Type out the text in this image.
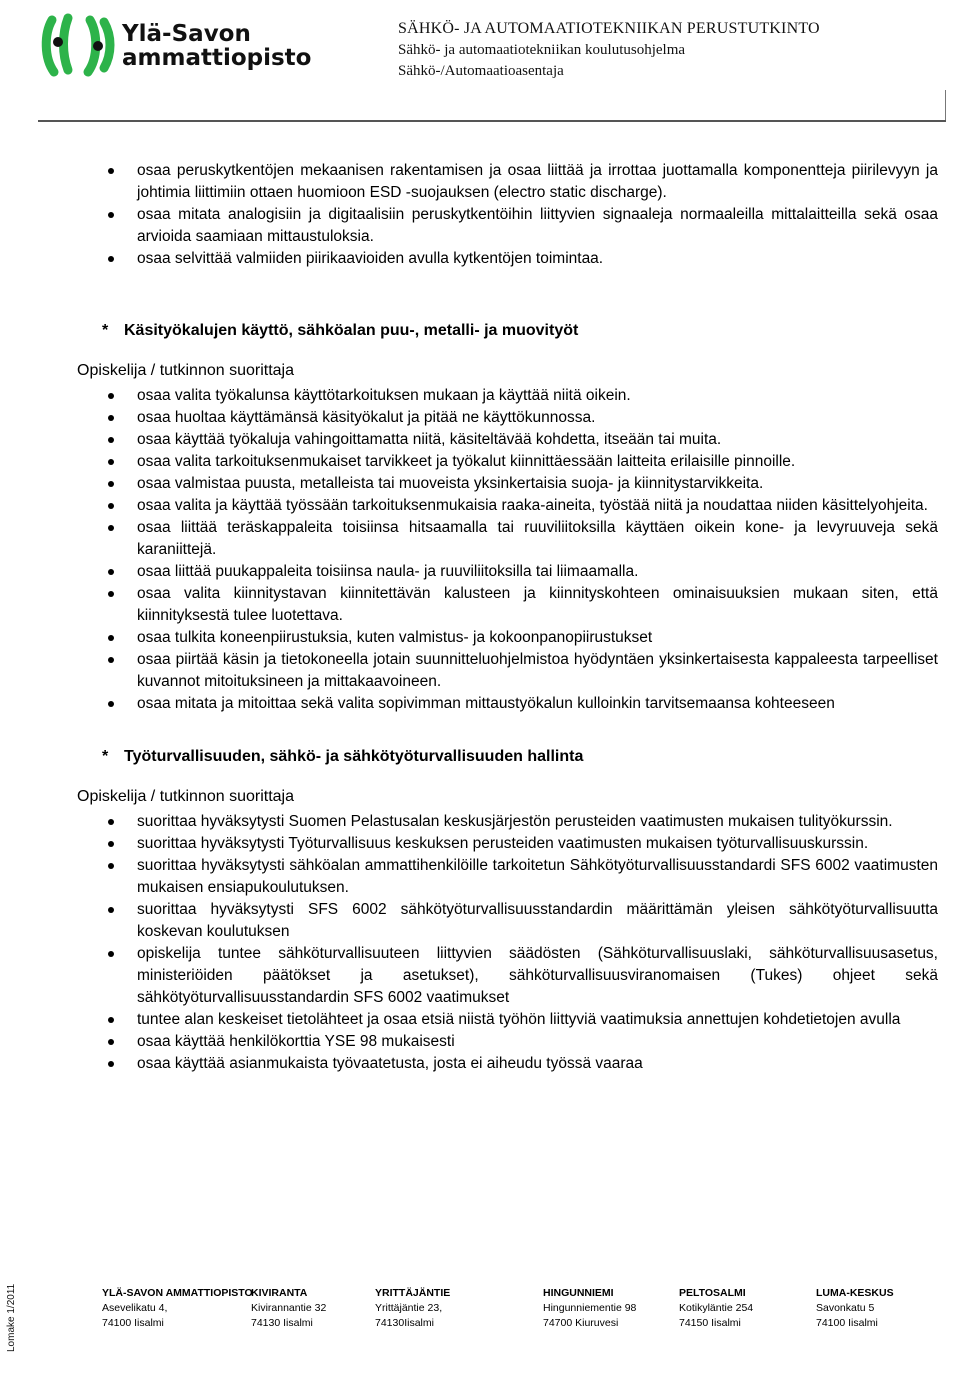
Ylä-Savon
ammattiopisto
SÄHKÖ- JA AUTOMAATIOTEKNIIKAN PERUSTUTKINTO
Sähkö- ja automaatiotekniikan koulutusohjelma
Sähkö-/Automaatioasentaja
osaa peruskytkentöjen mekaanisen rakentamisen ja osaa liittää ja irrottaa juottamalla komponentteja piirilevyyn ja johtimia liittimiin ottaen huomioon ESD -suojauksen (electro static discharge).
osaa mitata analogisiin ja digitaalisiin peruskytkentöihin liittyvien signaaleja normaaleilla mittalaitteilla sekä osaa arvioida saamiaan mittaustuloksia.
osaa selvittää valmiiden piirikaavioiden avulla kytkentöjen toimintaa.
* Käsityökalujen käyttö, sähköalan puu-, metalli- ja muovityöt
Opiskelija / tutkinnon suorittaja
osaa valita työkalunsa käyttötarkoituksen mukaan ja käyttää niitä oikein.
osaa huoltaa käyttämänsä käsityökalut ja pitää ne käyttökunnossa.
osaa käyttää työkaluja vahingoittamatta niitä, käsiteltävää kohdetta, itseään tai muita.
osaa valita tarkoituksenmukaiset tarvikkeet ja työkalut kiinnittäessään laitteita erilaisille pinnoille.
osaa valmistaa puusta, metalleista tai muoveista yksinkertaisia suoja- ja kiinnitystarvikkeita.
osaa valita ja käyttää työssään tarkoituksenmukaisia raaka-aineita, työstää niitä ja noudattaa niiden käsittelyohjeita.
osaa liittää teräskappaleita toisiinsa hitsaamalla tai ruuviliitoksilla käyttäen oikein kone- ja levyruuveja sekä karaniittejä.
osaa liittää puukappaleita toisiinsa naula- ja ruuviliitoksilla tai liimaamalla.
osaa valita kiinnitystavan kiinnitettävän kalusteen ja kiinnityskohteen ominaisuuksien mukaan siten, että kiinnityksestä tulee luotettava.
osaa tulkita koneenpiirustuksia, kuten valmistus- ja kokoonpanopiirustukset
osaa piirtää käsin ja tietokoneella jotain suunnitteluohjelmistoa hyödyntäen yksinkertaisesta kappaleesta tarpeelliset kuvannot mitoituksineen ja mittakaavoineen.
osaa mitata ja mitoittaa sekä valita sopivimman mittaustyökalun kulloinkin tarvitsemaansa kohteeseen
* Työturvallisuuden, sähkö- ja sähkötyöturvallisuuden hallinta
Opiskelija / tutkinnon suorittaja
suorittaa hyväksytysti Suomen Pelastusalan keskusjärjestön perusteiden vaatimusten mukaisen tulityökurssin.
suorittaa hyväksytysti Työturvallisuus keskuksen perusteiden vaatimusten mukaisen työturvallisuuskurssin.
suorittaa hyväksytysti sähköalan ammattihenkilöille tarkoitetun Sähkötyöturvallisuusstandardi SFS 6002 vaatimusten mukaisen ensiapukoulutuksen.
suorittaa hyväksytysti SFS 6002 sähkötyöturvallisuusstandardin määrittämän yleisen sähkötyöturvallisuutta koskevan koulutuksen
opiskelija tuntee sähköturvallisuuteen liittyvien säädösten (Sähköturvallisuuslaki, sähköturvallisuusasetus, ministeriöiden päätökset ja asetukset), sähköturvallisuusviranomaisen (Tukes) ohjeet sekä sähkötyöturvallisuusstandardin SFS 6002 vaatimukset
tuntee alan keskeiset tietolähteet ja osaa etsiä niistä työhön liittyviä vaatimuksia annettujen kohdetietojen avulla
osaa käyttää henkilökorttia YSE 98 mukaisesti
osaa käyttää asianmukaista työvaatetusta, josta ei aiheudu työssä vaaraa
Lomake 1/2011	YLÄ-SAVON AMMATTIOPISTO
Asevelikatu 4,
74100 Iisalmi
KIVIRANTA
Kivirannantie 32
74130 Iisalmi
YRITTÄJÄNTIE
Yrittäjäntie 23,
74130Iisalmi
HINGUNNIEMI
Hingunniementie 98
74700 Kiuruvesi
PELTOSALMI
Kotikyläntie 254
74150 Iisalmi
LUMA-KESKUS
Savonkatu 5
74100 Iisalmi
